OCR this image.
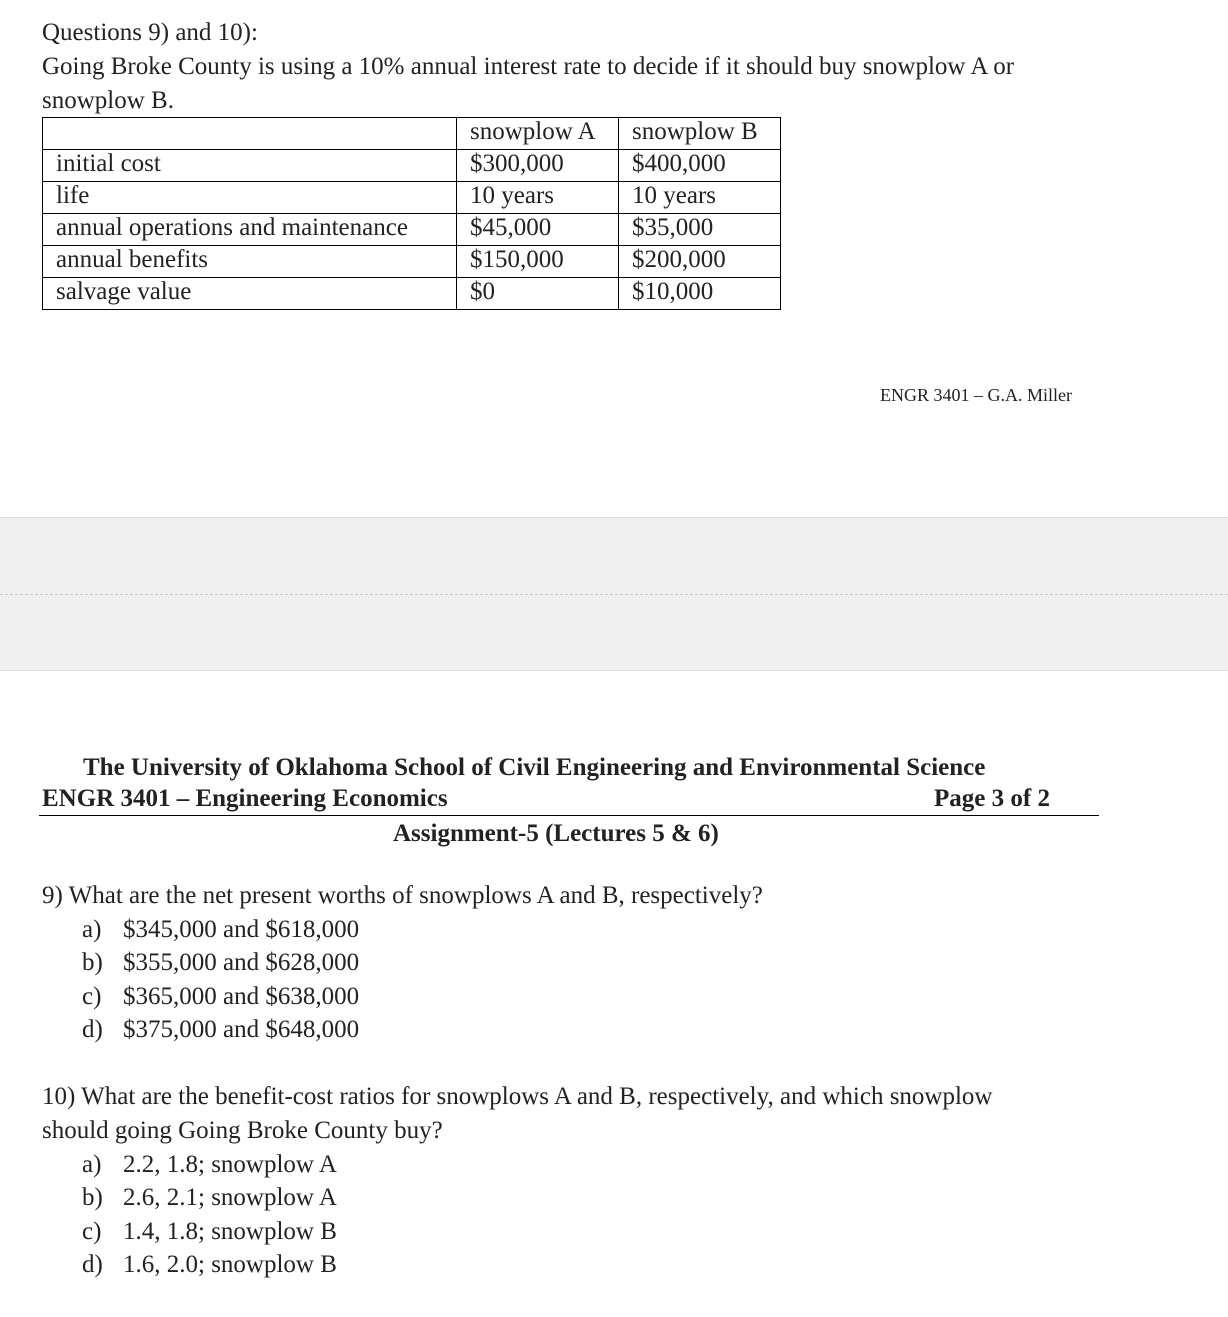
Questions 9) and 10):
Going Broke County is using a 10% annual interest rate to decide if it should buy snowplow A or
snowplow B.
	snowplow A	snowplow B
initial cost	$300,000	$400,000
life	10 years	10 years
annual operations and maintenance	$45,000	$35,000
annual benefits	$150,000	$200,000
salvage value	$0	$10,000
ENGR 3401 – G.A. Miller
The University of Oklahoma School of Civil Engineering and Environmental Science
ENGR 3401 – Engineering Economics	Page 3 of 2
Assignment-5 (Lectures 5 & 6)
9) What are the net present worths of snowplows A and B, respectively?
a) $345,000 and $618,000
b) $355,000 and $628,000
c) $365,000 and $638,000
d) $375,000 and $648,000
10) What are the benefit-cost ratios for snowplows A and B, respectively, and which snowplow
should going Going Broke County buy?
a) 2.2, 1.8; snowplow A
b) 2.6, 2.1; snowplow A
c) 1.4, 1.8; snowplow B
d) 1.6, 2.0; snowplow B
